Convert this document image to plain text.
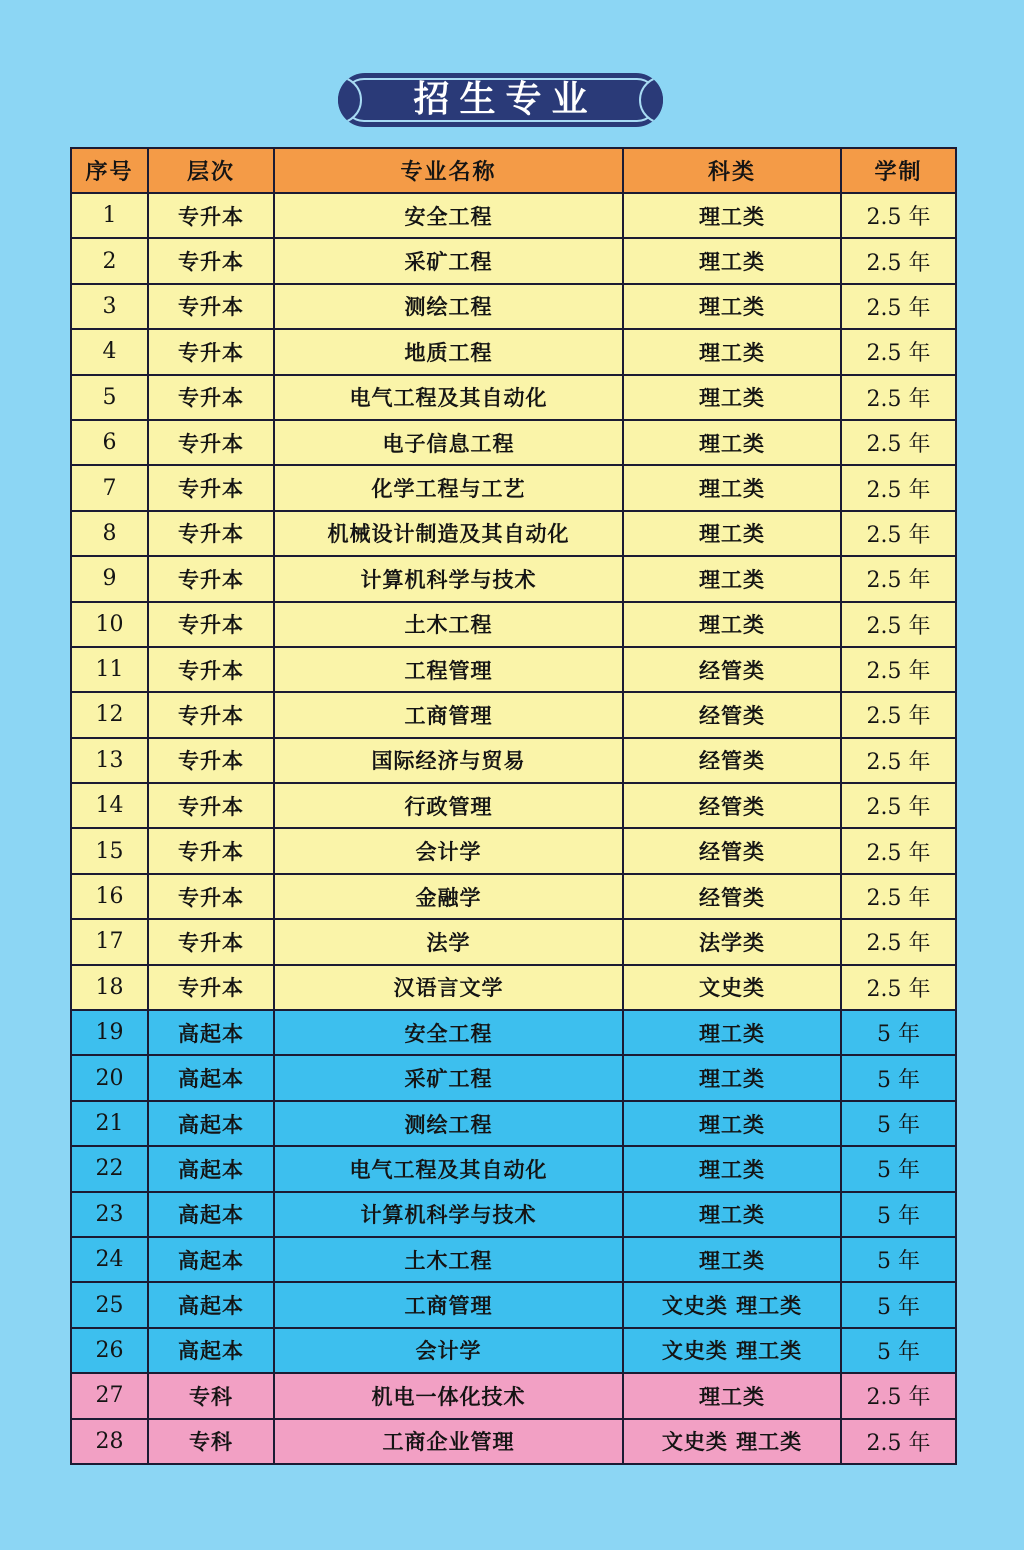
招生专业
序号	层次	专业名称	科类	学制
1	专升本	安全工程	理工类	2.5 年
2	专升本	采矿工程	理工类	2.5 年
3	专升本	测绘工程	理工类	2.5 年
4	专升本	地质工程	理工类	2.5 年
5	专升本	电气工程及其自动化	理工类	2.5 年
6	专升本	电子信息工程	理工类	2.5 年
7	专升本	化学工程与工艺	理工类	2.5 年
8	专升本	机械设计制造及其自动化	理工类	2.5 年
9	专升本	计算机科学与技术	理工类	2.5 年
10	专升本	土木工程	理工类	2.5 年
11	专升本	工程管理	经管类	2.5 年
12	专升本	工商管理	经管类	2.5 年
13	专升本	国际经济与贸易	经管类	2.5 年
14	专升本	行政管理	经管类	2.5 年
15	专升本	会计学	经管类	2.5 年
16	专升本	金融学	经管类	2.5 年
17	专升本	法学	法学类	2.5 年
18	专升本	汉语言文学	文史类	2.5 年
19	高起本	安全工程	理工类	5 年
20	高起本	采矿工程	理工类	5 年
21	高起本	测绘工程	理工类	5 年
22	高起本	电气工程及其自动化	理工类	5 年
23	高起本	计算机科学与技术	理工类	5 年
24	高起本	土木工程	理工类	5 年
25	高起本	工商管理	文史类 理工类	5 年
26	高起本	会计学	文史类 理工类	5 年
27	专科	机电一体化技术	理工类	2.5 年
28	专科	工商企业管理	文史类 理工类	2.5 年
